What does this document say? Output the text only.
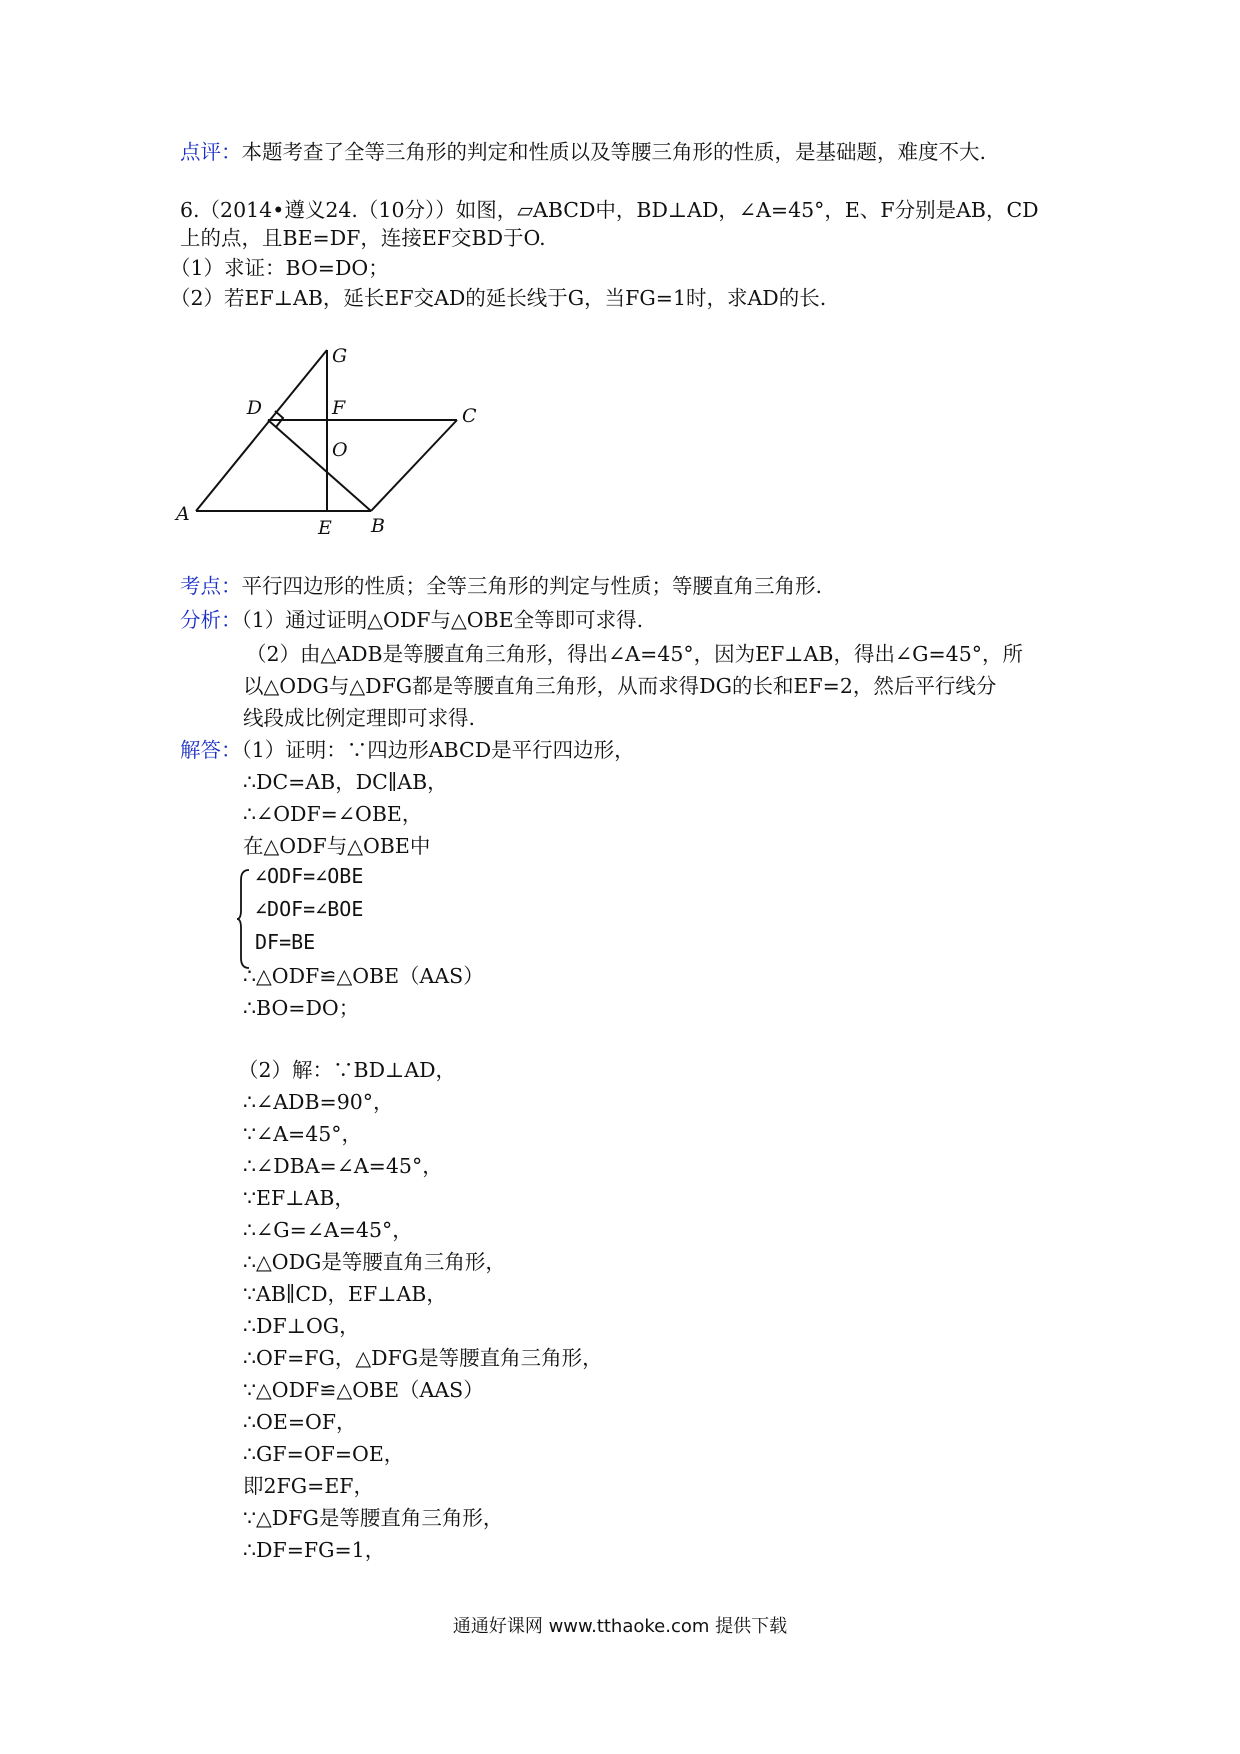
点评：本题考查了全等三角形的判定和性质以及等腰三角形的性质，是基础题，难度不大.
6.（2014•遵义24.（10分））如图，▱ABCD中，BD⊥AD，∠A=45°，E、F分别是AB，CD
上的点，且BE=DF，连接EF交BD于O.
（1）求证：BO=DO；
（2）若EF⊥AB，延长EF交AD的延长线于G，当FG=1时，求AD的长.
G
D	F	C
O
A
E B
考点：平行四边形的性质；全等三角形的判定与性质；等腰直角三角形.
分析：（1）通过证明△ODF与△OBE全等即可求得.
（2）由△ADB是等腰直角三角形，得出∠A=45°，因为EF⊥AB，得出∠G=45°，所
以△ODG与△DFG都是等腰直角三角形，从而求得DG的长和EF=2，然后平行线分
线段成比例定理即可求得.
解答：（1）证明：∵四边形ABCD是平行四边形，
∴DC=AB，DC∥AB，
∴∠ODF=∠OBE，
在△ODF与△OBE中
∠ODF=∠OBE
∠DOF=∠BOE
DF=BE
∴△ODF≌△OBE（AAS）
∴BO=DO；
（2）解：∵BD⊥AD，
∴∠ADB=90°，
∵∠A=45°，
∴∠DBA=∠A=45°，
∵EF⊥AB，
∴∠G=∠A=45°，
∴△ODG是等腰直角三角形，
∵AB∥CD，EF⊥AB，
∴DF⊥OG，
∴OF=FG，△DFG是等腰直角三角形，
∵△ODF≌△OBE（AAS）
∴OE=OF，
∴GF=OF=OE，
即2FG=EF，
∵△DFG是等腰直角三角形，
∴DF=FG=1，
通通好课网 www.tthaoke.com 提供下载
